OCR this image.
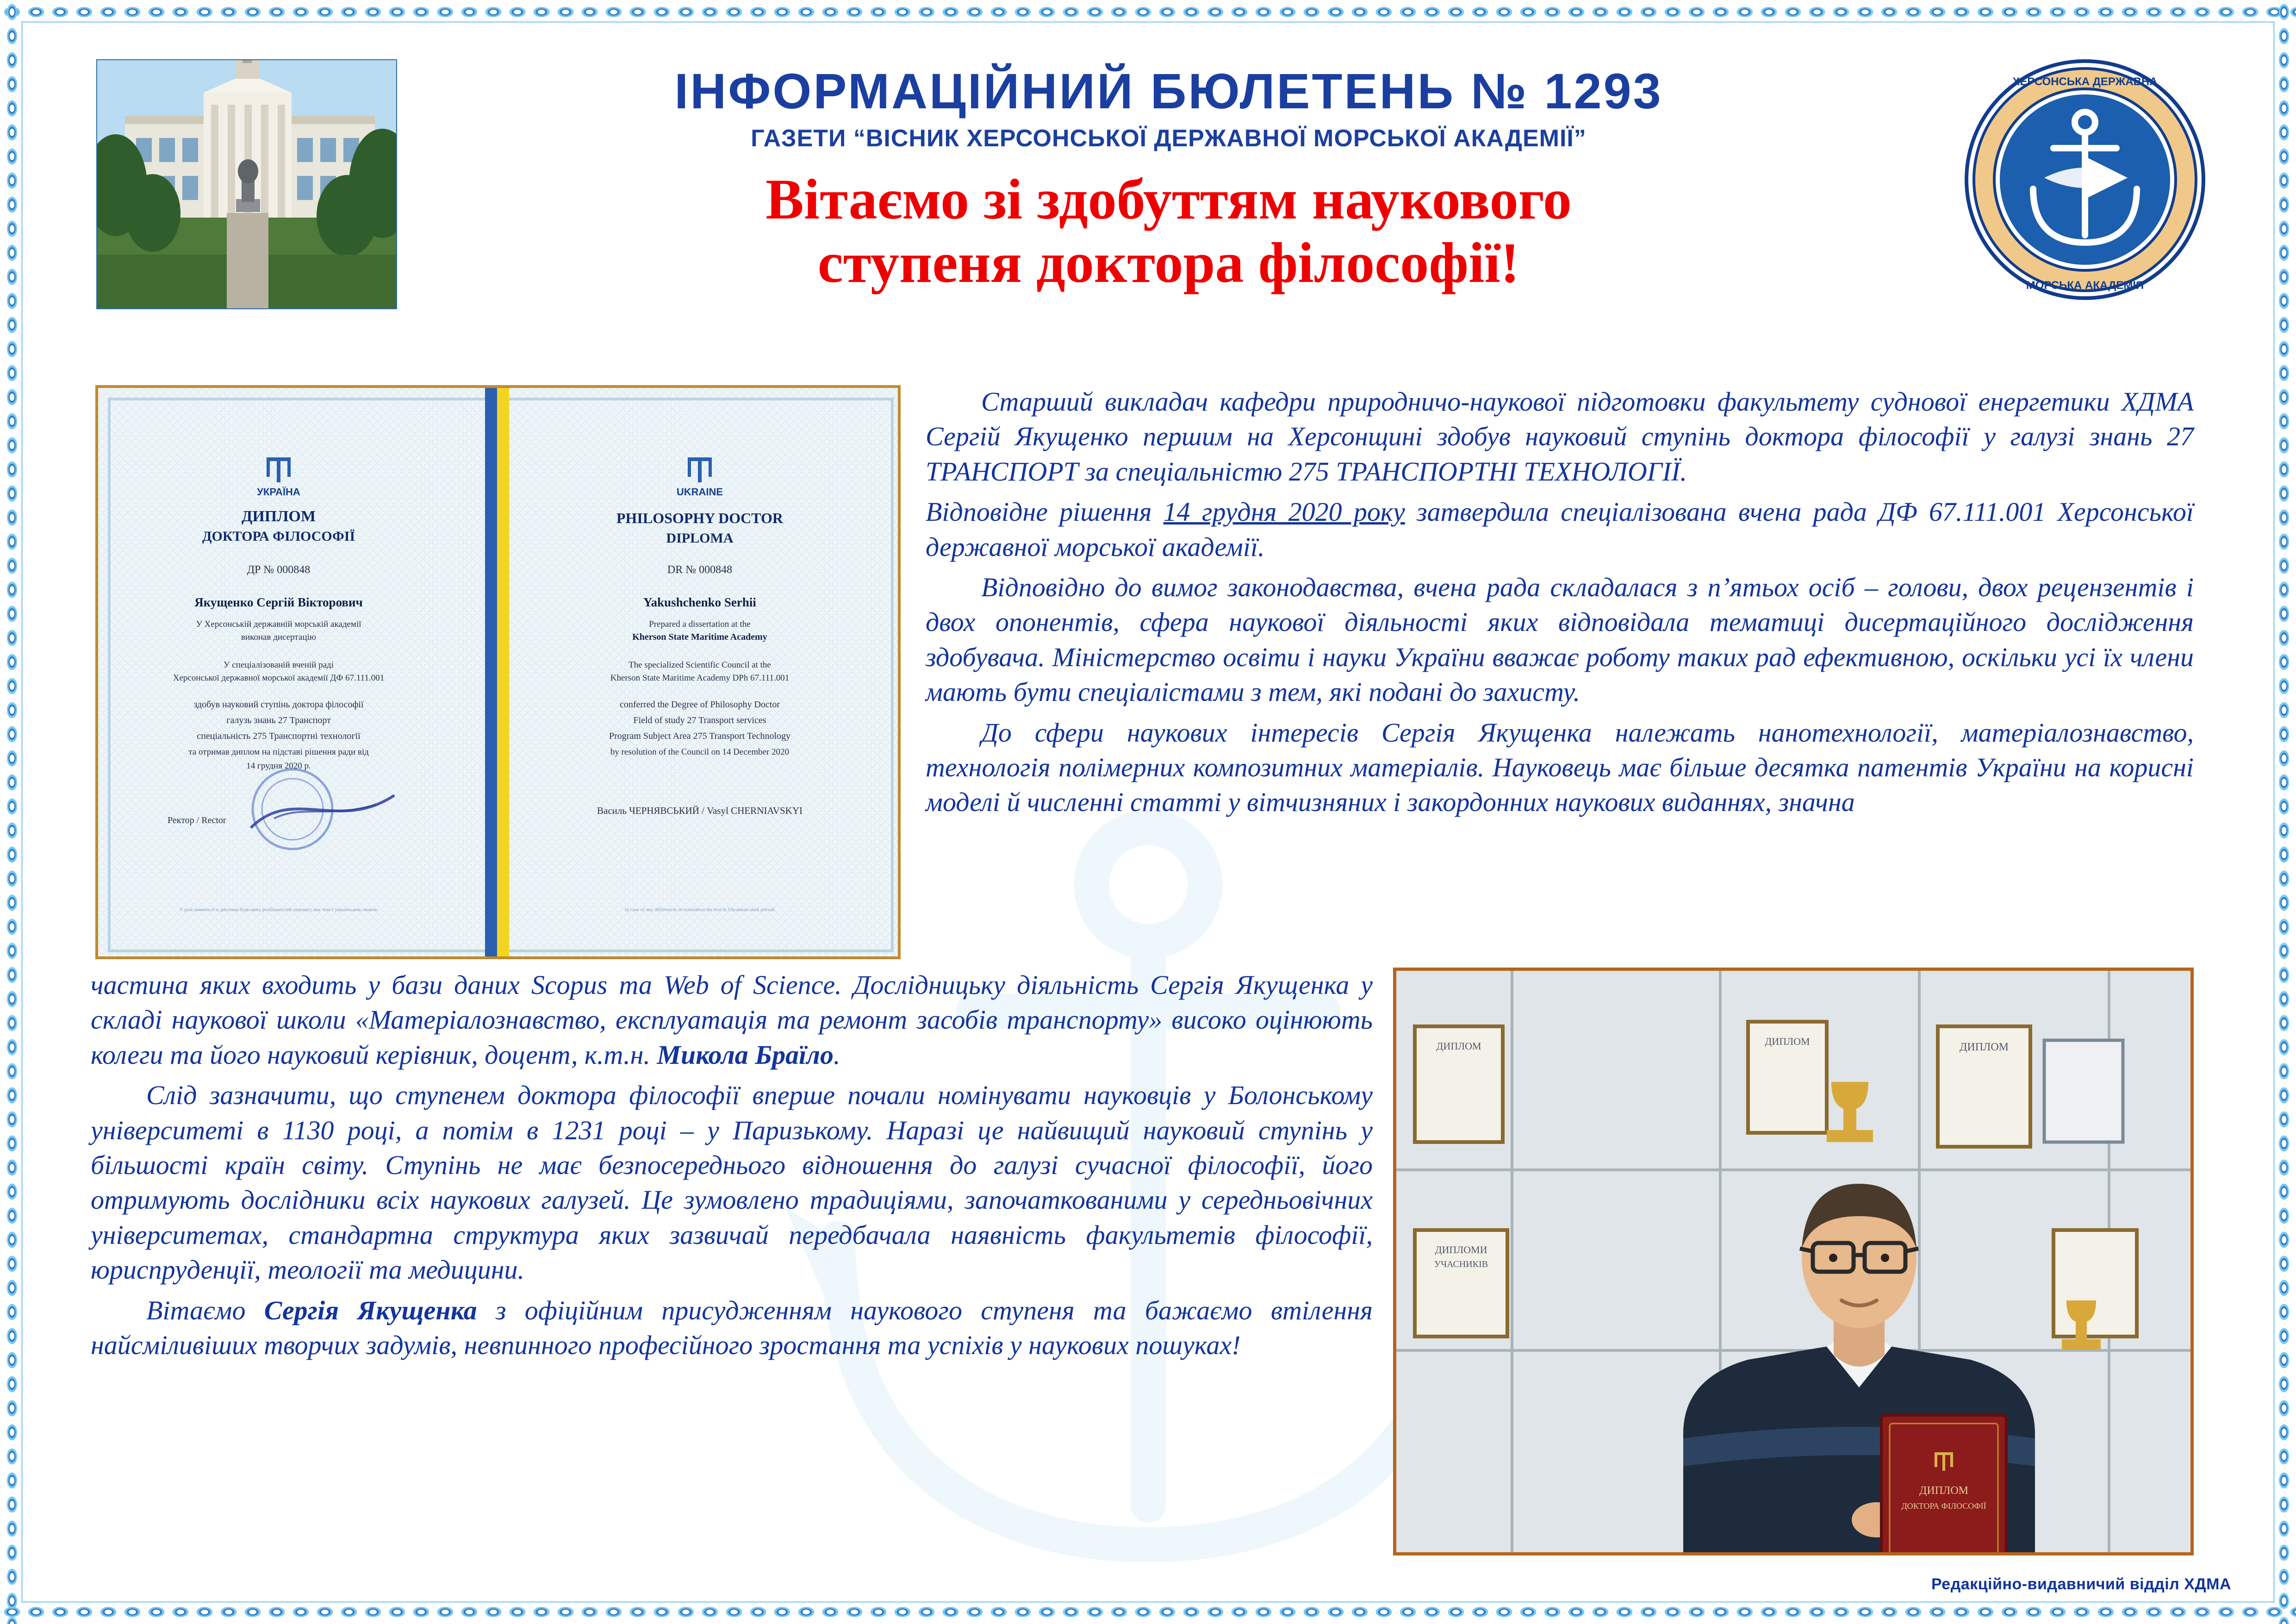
ІНФОРМАЦІЙНИЙ БЮЛЕТЕНЬ № 1293
ГАЗЕТИ “ВІСНИК ХЕРСОНСЬКОЇ ДЕРЖАВНОЇ МОРСЬКОЇ АКАДЕМІЇ”
Вітаємо зі здобуттям наукового
ступеня доктора філософії!
ХЕРСОНСЬКА ДЕРЖАВНА
МОРСЬКА АКАДЕМІЯ
УКРАЇНА
ДИПЛОМ
ДОКТОРА ФІЛОСОФІЇ
ДР № 000848
Якущенко Сергій Вікторович
У Херсонській державній морській академії
виконав дисертацію
У спеціалізованій вченій раді
Херсонської державної морської академії ДФ 67.111.001
здобув науковий ступінь доктора філософії
галузь знань 27 Транспорт
спеціальність 275 Транспортні технології
та отримав диплом на підставі рішення ради від
14 грудня 2020 р.
Ректор / Rector
UKRAINE
PHILOSOPHY DOCTOR
DIPLOMA
DR № 000848
Yakushchenko Serhii
Prepared a dissertation at the
Kherson State Maritime Academy
The specialized Scientific Council at the
Kherson State Maritime Academy DPh 67.111.001
conferred the Degree of Philosophy Doctor
Field of study 27 Transport services
Program Subject Area 275 Transport Technology
by resolution of the Council on 14 December 2020
Василь ЧЕРНЯВСЬКИЙ / Vasyl CHERNIAVSKYI
У разі наявності в диплома будь-яких розбіжностей перевагу має текст українською мовою	In case of any differences in translation the text in Ukrainian shall prevail

Старший викладач кафедри природничо-наукової підготовки факультету суднової енергетики ХДМА Сергій Якущенко першим на Херсонщині здобув науковий ступінь доктора філософії у галузі знань 27 ТРАНСПОРТ за спеціальністю 275 ТРАНСПОРТНІ ТЕХНОЛОГІЇ.

Відповідне рішення 14 грудня 2020 року затвердила спеціалізована вчена рада ДФ 67.111.001 Херсонської державної морської академії.

Відповідно до вимог законодавства, вчена рада складалася з п’ятьох осіб – голови, двох рецензентів і двох опонентів, сфера наукової діяльності яких відповідала тематиці дисертаційного дослідження здобувача. Міністерство освіти і науки України вважає роботу таких рад ефективною, оскільки усі їх члени мають бути спеціалістами з тем, які подані до захисту.

До сфери наукових інтересів Сергія Якущенка належать нанотехнології, матеріалознавство, технологія полімерних композитних матеріалів. Науковець має більше десятка патентів України на корисні моделі й численні статті у вітчизняних і закордонних наукових виданнях, значна

частина яких входить у бази даних Scopus та Web of Science. Дослідницьку діяльність Сергія Якущенка у складі наукової школи «Матеріалознавство, експлуатація та ремонт засобів транспорту» високо оцінюють колеги та його науковий керівник, доцент, к.т.н. Микола Браїло.

Слід зазначити, що ступенем доктора філософії вперше почали номінувати науковців у Болонському університеті в 1130 році, а потім в 1231 році – у Паризькому. Наразі це найвищий науковий ступінь у більшості країн світу. Ступінь не має безпосереднього відношення до галузі сучасної філософії, його отримують дослідники всіх наукових галузей. Це зумовлено традиціями, започаткованими у середньовічних університетах, стандартна структура яких зазвичай передбачала наявність факультетів філософії, юриспруденції, теології та медицини.

Вітаємо Сергія Якущенка з офіційним присудженням наукового ступеня та бажаємо втілення найсміливіших творчих задумів, невпинного професійного зростання та успіхів у наукових пошуках!

ДИПЛОМ	ДИПЛОМ	ДИПЛОМ
ДИПЛОМИ
УЧАСНИКІВ
ДИПЛОМ
ДОКТОРА ФІЛОСОФІЇ
Редакційно-видавничий відділ ХДМА
